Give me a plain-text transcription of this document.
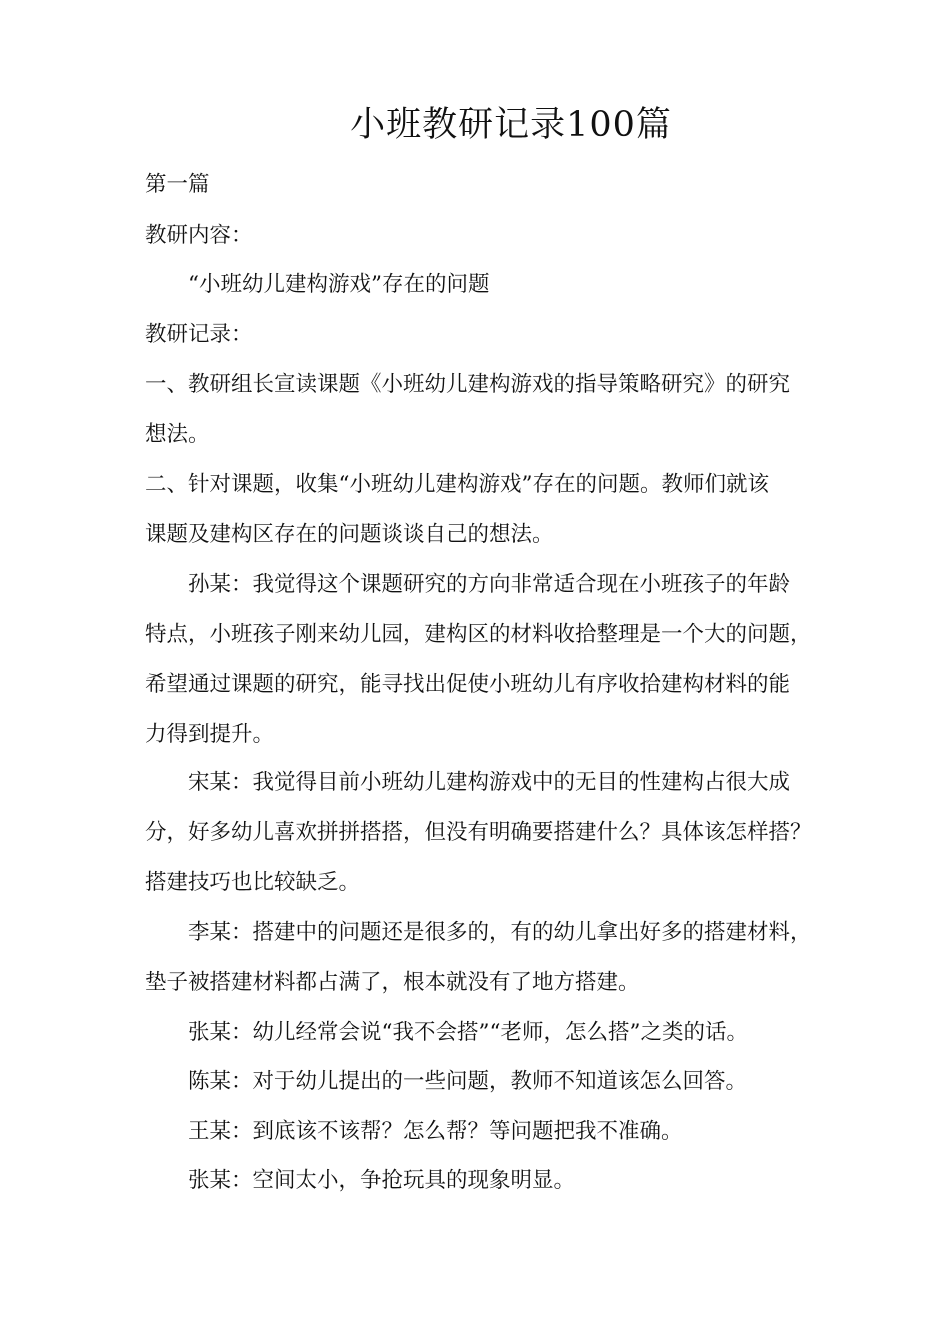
小班教研记录100篇
第一篇
教研内容：
“小班幼儿建构游戏”存在的问题
教研记录：
一、教研组长宣读课题《小班幼儿建构游戏的指导策略研究》的研究
想法。
二、针对课题，收集“小班幼儿建构游戏”存在的问题。教师们就该
课题及建构区存在的问题谈谈自己的想法。
孙某：我觉得这个课题研究的方向非常适合现在小班孩子的年龄
特点，小班孩子刚来幼儿园，建构区的材料收拾整理是一个大的问题，
希望通过课题的研究，能寻找出促使小班幼儿有序收拾建构材料的能
力得到提升。
宋某：我觉得目前小班幼儿建构游戏中的无目的性建构占很大成
分，好多幼儿喜欢拼拼搭搭，但没有明确要搭建什么？具体该怎样搭？
搭建技巧也比较缺乏。
李某：搭建中的问题还是很多的，有的幼儿拿出好多的搭建材料，
垫子被搭建材料都占满了，根本就没有了地方搭建。
张某：幼儿经常会说“我不会搭”“老师，怎么搭”之类的话。
陈某：对于幼儿提出的一些问题，教师不知道该怎么回答。
王某：到底该不该帮？怎么帮？等问题把我不准确。
张某：空间太小，争抢玩具的现象明显。
